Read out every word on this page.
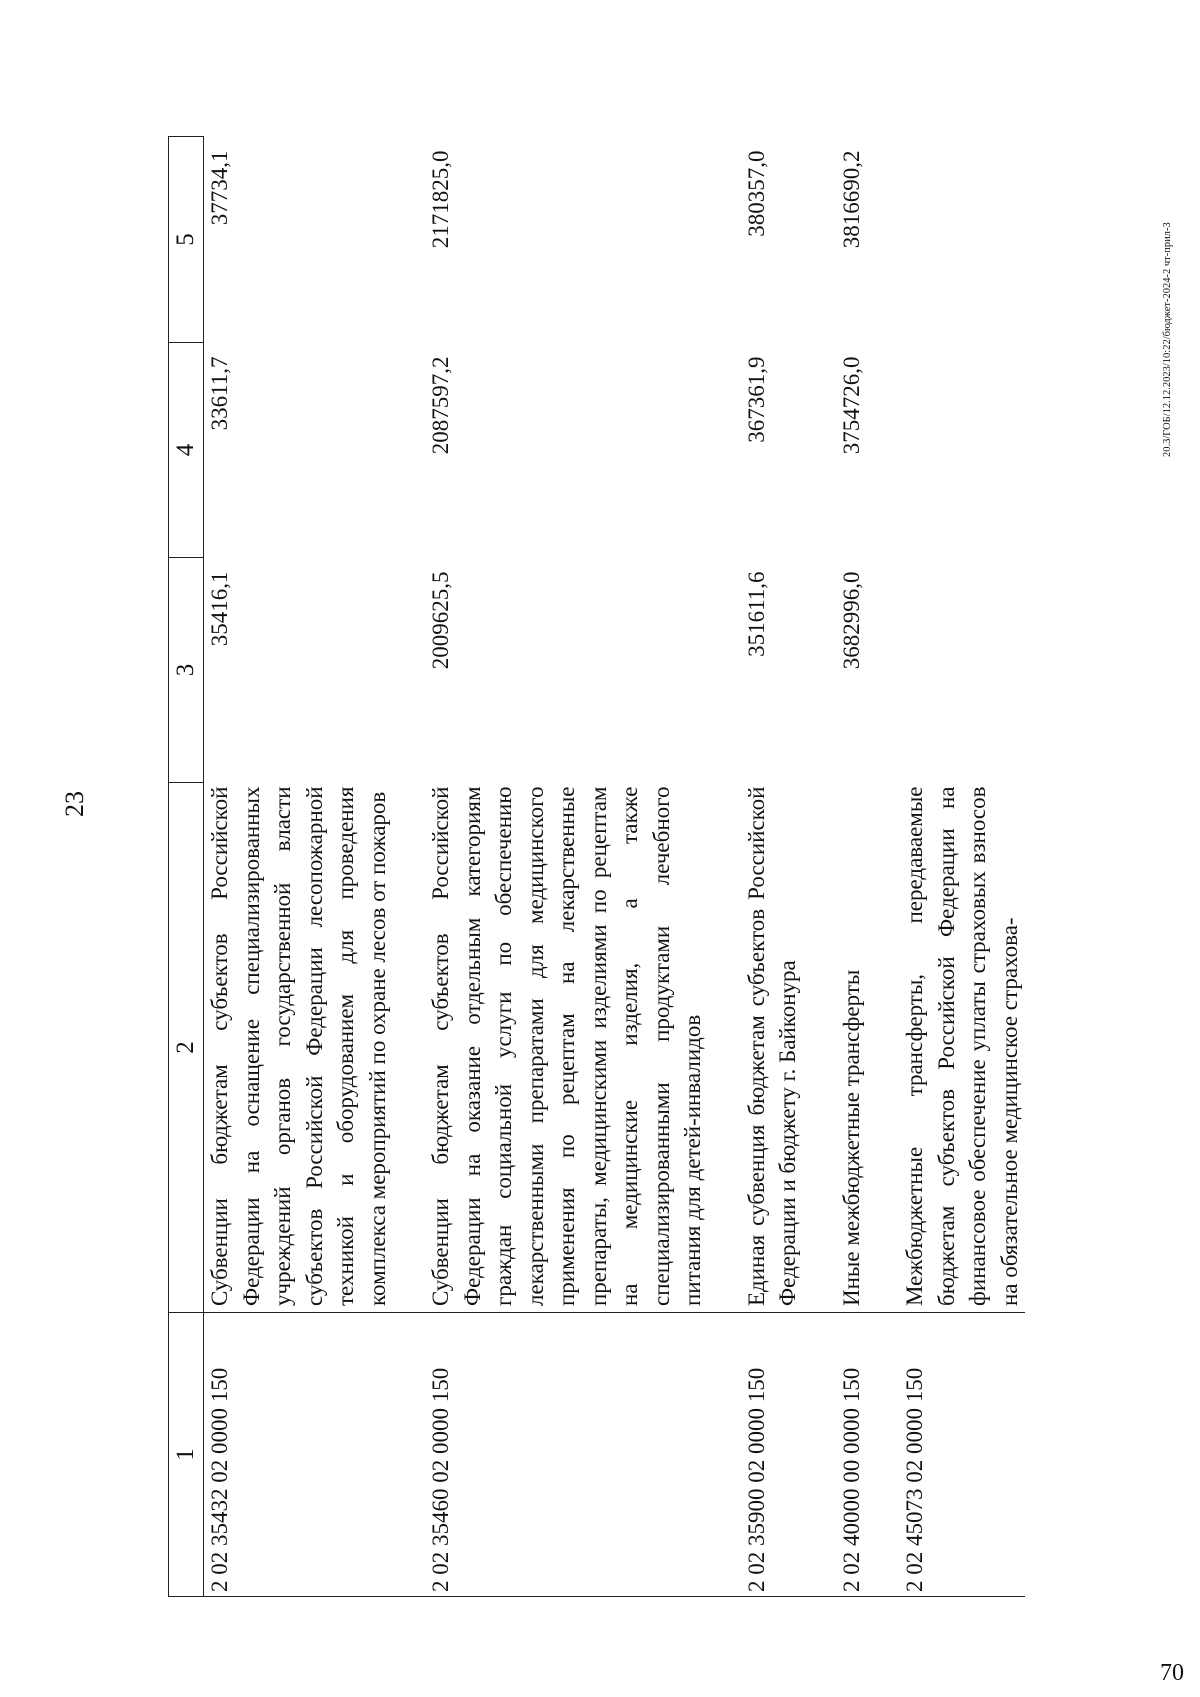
23
1	2	3	4	5
2 02 35432 02 0000 150	Субвенции бюджетам субъектов Российской Федерации на оснащение специализированных учреждений органов государственной власти субъектов Российской Федерации лесопожарной техникой и оборудованием для проведения комплекса мероприятий по охране лесов от пожаров	35416,1	33611,7	37734,1
2 02 35460 02 0000 150	Субвенции бюджетам субъектов Российской Федерации на оказание отдельным категориям граждан социальной услуги по обеспечению лекарственными препаратами для медицинского применения по рецептам на лекарственные препараты, медицинскими изделиями по рецептам на медицинские изделия, а также специализированными продуктами лечебного питания для детей-инвалидов	2009625,5	2087597,2	2171825,0
2 02 35900 02 0000 150	Единая субвенция бюджетам субъектов Российской Федерации и бюджету г. Байконура	351611,6	367361,9	380357,0
2 02 40000 00 0000 150	Иные межбюджетные трансферты	3682996,0	3754726,0	3816690,2
2 02 45073 02 0000 150	Межбюджетные трансферты, передаваемые бюджетам субъектов Российской Федерации на финансовое обеспечение уплаты страховых взносов на обязательное медицинское страхова-			
20.3/ГОБ/12.12.2023/10:22/бюджет-2024-2 чт-прил-3
70
